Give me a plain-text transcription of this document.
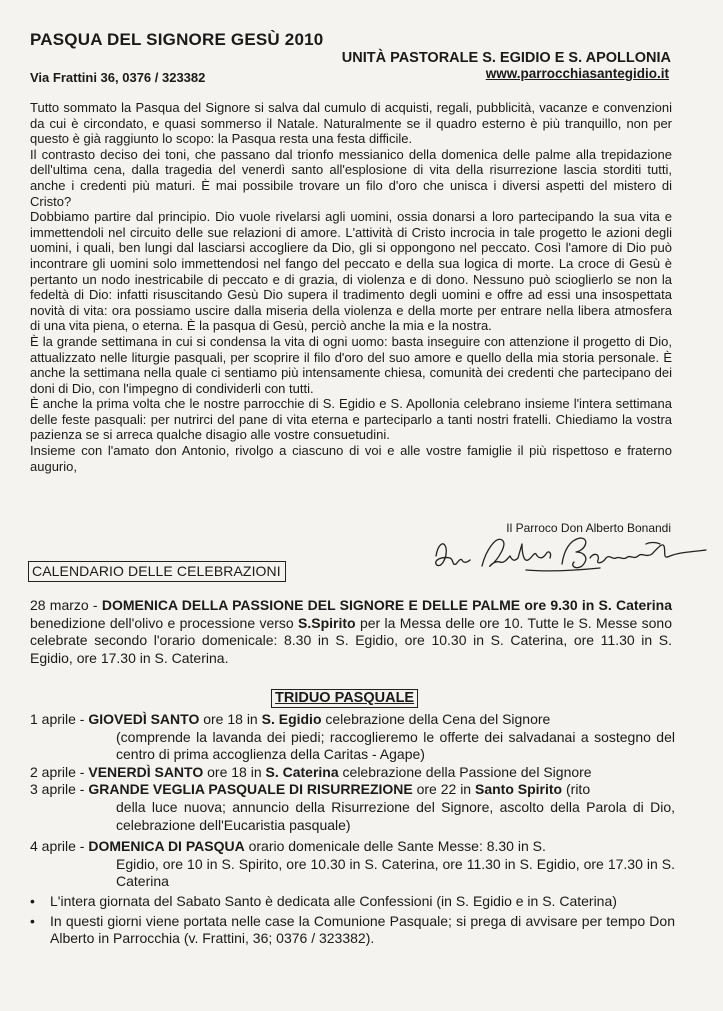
PASQUA DEL SIGNORE GESÙ 2010
UNITÀ PASTORALE S. EGIDIO E S. APOLLONIA
Via Frattini 36, 0376 / 323382	www.parrocchiasantegidio.it

Tutto sommato la Pasqua del Signore si salva dal cumulo di acquisti, regali, pubblicità, vacanze e convenzioni da cui è circondato, e quasi sommerso il Natale. Naturalmente se il quadro esterno è più tranquillo, non per questo è già raggiunto lo scopo: la Pasqua resta una festa difficile.

Il contrasto deciso dei toni, che passano dal trionfo messianico della domenica delle palme alla trepidazione dell'ultima cena, dalla tragedia del venerdì santo all'esplosione di vita della risurrezione lascia storditi tutti, anche i credenti più maturi. È mai possibile trovare un filo d'oro che unisca i diversi aspetti del mistero di Cristo?

Dobbiamo partire dal principio. Dio vuole rivelarsi agli uomini, ossia donarsi a loro partecipando la sua vita e immettendoli nel circuito delle sue relazioni di amore. L'attività di Cristo incrocia in tale progetto le azioni degli uomini, i quali, ben lungi dal lasciarsi accogliere da Dio, gli si oppongono nel peccato. Così l'amore di Dio può incontrare gli uomini solo immettendosi nel fango del peccato e della sua logica di morte. La croce di Gesù è pertanto un nodo inestricabile di peccato e di grazia, di violenza e di dono. Nessuno può scioglierlo se non la fedeltà di Dio: infatti risuscitando Gesù Dio supera il tradimento degli uomini e offre ad essi una insospettata novità di vita: ora possiamo uscire dalla miseria della violenza e della morte per entrare nella libera atmosfera di una vita piena, o eterna. È la pasqua di Gesù, perciò anche la mia e la nostra.

È la grande settimana in cui si condensa la vita di ogni uomo: basta inseguire con attenzione il progetto di Dio, attualizzato nelle liturgie pasquali, per scoprire il filo d'oro del suo amore e quello della mia storia personale. È anche la settimana nella quale ci sentiamo più intensamente chiesa, comunità dei credenti che partecipano dei doni di Dio, con l'impegno di condividerli con tutti.

È anche la prima volta che le nostre parrocchie di S. Egidio e S. Apollonia celebrano insieme l'intera settimana delle feste pasquali: per nutrirci del pane di vita eterna e parteciparlo a tanti nostri fratelli. Chiediamo la vostra pazienza se si arreca qualche disagio alle vostre consuetudini.

Insieme con l'amato don Antonio, rivolgo a ciascuno di voi e alle vostre famiglie il più rispettoso e fraterno augurio,

Il Parroco Don Alberto Bonandi
CALENDARIO DELLE CELEBRAZIONI

28 marzo - DOMENICA DELLA PASSIONE DEL SIGNORE E DELLE PALME ore 9.30 in S. Caterina benedizione dell'olivo e processione verso S.Spirito per la Messa delle ore 10. Tutte le S. Messe sono celebrate secondo l'orario domenicale: 8.30 in S. Egidio, ore 10.30 in S. Caterina, ore 11.30 in S. Egidio, ore 17.30 in S. Caterina.

TRIDUO PASQUALE
1 aprile - GIOVEDÌ SANTO ore 18 in S. Egidio celebrazione della Cena del Signore
(comprende la lavanda dei piedi; raccoglieremo le offerte dei salvadanai a sostegno del centro di prima accoglienza della Caritas - Agape)
2 aprile - VENERDÌ SANTO ore 18 in S. Caterina celebrazione della Passione del Signore
3 aprile - GRANDE VEGLIA PASQUALE DI RISURREZIONE ore 22 in Santo Spirito (rito
della luce nuova; annuncio della Risurrezione del Signore, ascolto della Parola di Dio, celebrazione dell'Eucaristia pasquale)
4 aprile - DOMENICA DI PASQUA orario domenicale delle Sante Messe: 8.30 in S.
Egidio, ore 10 in S. Spirito, ore 10.30 in S. Caterina, ore 11.30 in S. Egidio, ore 17.30 in S. Caterina
• L'intera giornata del Sabato Santo è dedicata alle Confessioni (in S. Egidio e in S. Caterina)
• In questi giorni viene portata nelle case la Comunione Pasquale; si prega di avvisare per tempo Don Alberto in Parrocchia (v. Frattini, 36; 0376 / 323382).
